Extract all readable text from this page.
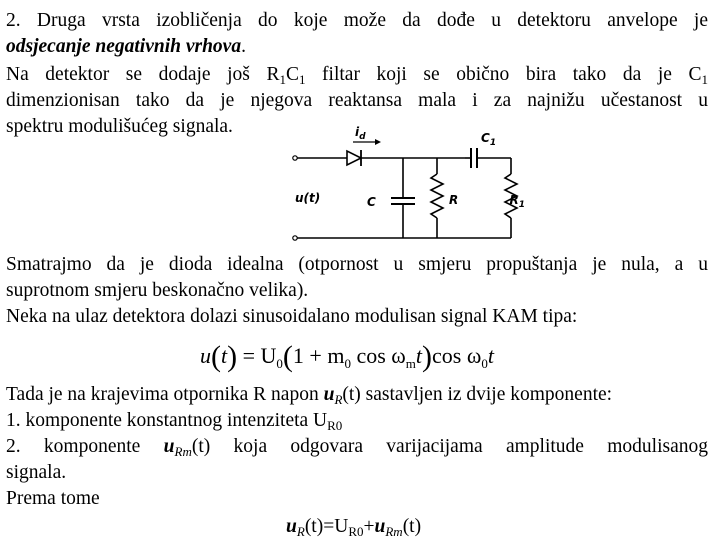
2. Druga vrsta izobličenja do koje može da dođe u detektoru anvelope je

odsjecanje negativnih vrhova.

Na detektor se dodaje još $R_1C_1$ filtar koji se obično bira tako da je $C_1$

dimenzionisan tako da je njegova reaktansa mala i za najnižu učestanost u

spektru modulišućeg signala.	$i_d$	$C_1$
C	R	$R_1$
u(t)

Smatrajmo da je dioda idealna (otpornost u smjeru propuštanja je nula, a u

suprotnom smjeru beskonačno velika).

Neka na ulaz detektora dolazi sinusoidalano modulisan signal KAM tipa:

$u(t) = U_0(1 + m_0$ $\cos \omega_mt)\cos$ $\omega_0t$

Tada je na krajevima otpornika R napon $u_R(t)$ sastavljen iz dvije komponente:

1. komponente konstantnog intenziteta $U_{R0}$

2. komponente $u_{Rm}(t)$ koja odgovara varijacijama amplitude modulisanog

signala.

Prema tome

$u_R(t)=U_{R0}+u_{Rm}(t)$
